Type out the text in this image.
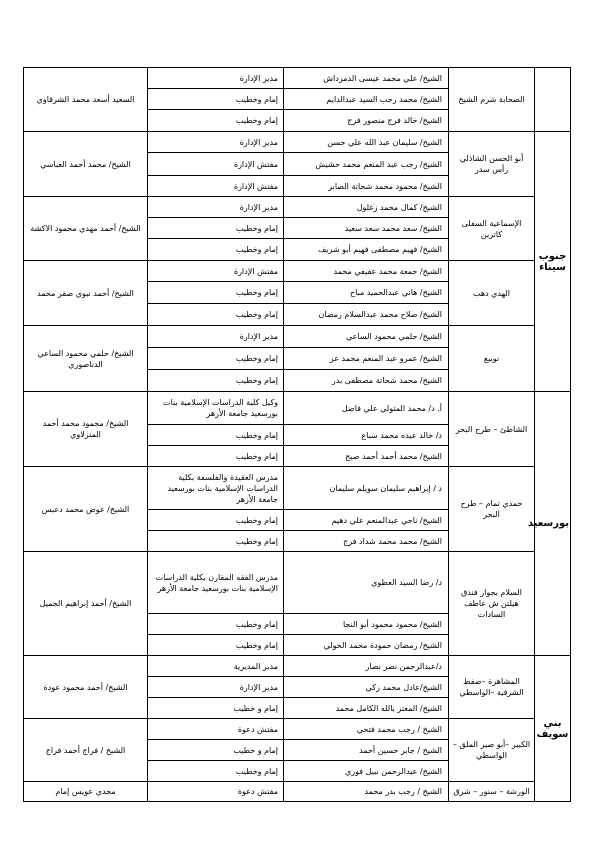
	الصحابة شرم الشيخ	الشيخ/ علي محمد عيسى الدمرداش	مدير الإدارة	السعيد أسعد محمد الشرقاوي
		الشيخ/ محمد رجب السيد عبدالدايم	إمام وخطيب	
		الشيخ/ خالد فرج منصور فرج	إمام وخطيب	
جنوب سيناء	أبو الحسن الشاذلي رأس سدر	الشيخ/ سليمان عبد الله علي حسن	مدير الإدارة	الشيخ/ محمد أحمد العباسي
		الشيخ/ رجب عبد المنعم محمد حشيش	مفتش الإدارة	
		الشيخ/ محمود محمد شحاتة الصابر	مفتش الإدارة	
	الإسماعية السفلى كاترين	الشيخ/ كمال محمد زغلول	مدير الإدارة	الشيخ/ أحمد مهدي محمود الاكشة
		الشيخ/ سعد محمد سعد سعيد	إمام وخطيب	
		الشيخ/ فهيم مصطفى فهيم أبو شريف	إمام وخطيب	
	الهدي دهب	الشيخ/ جمعة محمد عفيفي محمد	مفتش الإدارة	الشيخ/ أحمد نبوي صقر محمد
		الشيخ/ هاني عبدالحميد مباح	إمام وخطيب	
		الشيخ/ صلاح محمد عبدالسلام رمضان	إمام وخطيب	
	نويبع	الشيخ/ حلمي محمود الساعي	مدير الإدارة	الشيخ/ حلمي محمود الساعي الدناصوري
		الشيخ/ عمرو عبد المنعم محمد عز	إمام وخطيب	
		الشيخ/ محمد شحاتة مصطفى بدر	إمام وخطيب	
بورسعيد	الشاطئ – طرح البحر	أ. د/ محمد المتولي علي فاضل	وكيل كلية الدراسات الإسلامية بنات بورسعيد جامعة الأزهر	الشيخ/ محمود محمد أحمد المنزلاوي
		د/ خالد عبده محمد سباع	إمام وخطيب	
		الشيخ/ محمد أحمد أحمد صبح	إمام وخطيب	
	حمدي تمام – طرح البحر	د / إبراهيم سليمان سويلم سليمان	مدرس العقيدة والفلسفة بكلية الدراسات الإسلامية بنات بورسعيد جامعة الأزهر	الشيخ/ عوض محمد دعبس
		الشيخ/ ناجي عبدالمنعم علي دهيم	إمام وخطيب	
		الشيخ/ محمد محمد شداد فرج	إمام وخطيب	
	السلام بجوار فندق هيلتن ش عاطف السادات	د/ رضا السيد العطوي	مدرس الفقه المقارن بكلية الدراسات الإسلامية بنات بورسعيد جامعة الأزهر	الشيخ/ أحمد إبراهيم الجميل
		الشيخ/ محمود محمود أبو النجا	إمام وخطيب	
		الشيخ/ رمضان حمودة محمد الخولي	إمام وخطيب	
بني سويف	المشاهرة –صفط الشرقية –الواسطي	د/عبدالرحمن نصر نصار	مدير المديرية	الشيخ/ أحمد محمود عودة
		الشيخ/عادل محمد زكي	مدير الإدارة	
		الشيخ/ المعتز بالله الكامل محمد	إمام و خطيب	
	الكبير –أبو صير الملق –الواسطي	الشيخ / رجب محمد فتحي	مفتش دعوة	الشيخ / فراج أحمد فراج
		الشيخ / جابر حسين أحمد	إمام و خطيب	
		الشيخ/ عبدالرحمن نبيل فوزي	إمام وخطيب	
	الورشة – سنور – شرق	الشيخ / رجب بدر محمد	مفتش دعوة	مجدي عويس إمام
